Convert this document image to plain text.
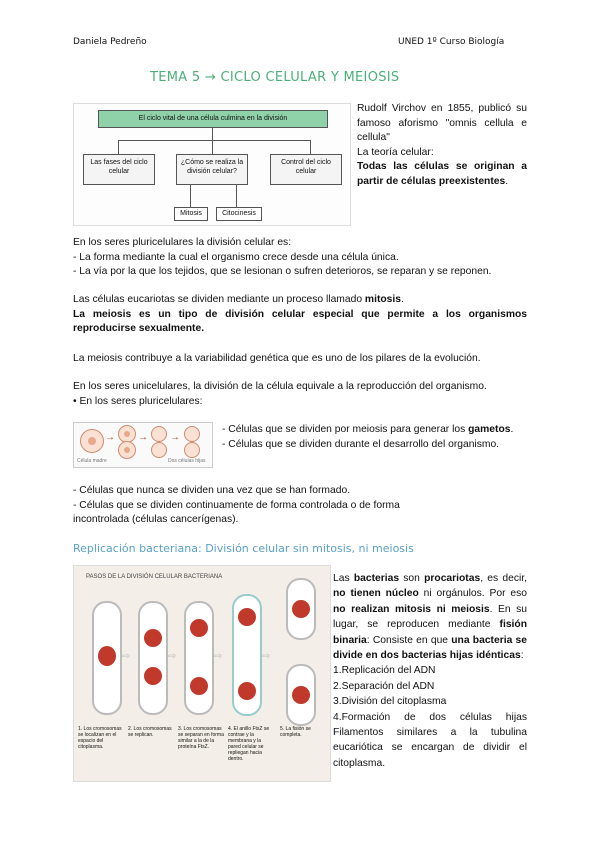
Daniela Pedreño	UNED 1º Curso Biología
TEMA 5 → CICLO CELULAR Y MEIOSIS
El ciclo vital de una célula culmina en la división
Las fases del ciclo celular
¿Cómo se realiza la división celular?
Control del ciclo celular
Mitosis	Citocinesis
Rudolf Virchov en 1855, publicó su famoso aforismo "omnis cellula e cellula"
La teoría celular:
Todas las células se originan a partir de células preexistentes.
En los seres pluricelulares la división celular es:
- La forma mediante la cual el organismo crece desde una célula única.
- La vía por la que los tejidos, que se lesionan o sufren deterioros, se reparan y se reponen.
Las células eucariotas se dividen mediante un proceso llamado mitosis.
La meiosis es un tipo de división celular especial que permite a los organismos reproducirse sexualmente.
La meiosis contribuye a la variabilidad genética que es uno de los pilares de la evolución.
En los seres unicelulares, la división de la célula equivale a la reproducción del organismo.
• En los seres pluricelulares:
→ → →
Célula madre	Dos células hijas
- Células que se dividen por meiosis para generar los gametos.
- Células que se dividen durante el desarrollo del organismo.
- Células que nunca se dividen una vez que se han formado.
- Células que se dividen continuamente de forma controlada o de forma incontrolada (células cancerígenas).
Replicación bacteriana: División celular sin mitosis, ni meiosis
PASOS DE LA DIVISIÓN CELULAR BACTERIANA
⇨	⇨	⇨	⇨
1. Los cromosomas se localizan en el espacio del citoplasma.
2. Los cromosomas se replican.
3. Los cromosomas se separan en forma similar a la de la proteína FtsZ.
4. El anillo FtsZ se contrae y la membrana y la pared celular se repliegan hacia dentro.
5. La fisión se completa.
Las bacterias son procariotas, es decir, no tienen núcleo ni orgánulos. Por eso no realizan mitosis ni meiosis. En su lugar, se reproducen mediante fisión binaria: Consiste en que una bacteria se divide en dos bacterias hijas idénticas:
1.Replicación del ADN
2.Separación del ADN
3.División del citoplasma
4.Formación de dos células hijas Filamentos similares a la tubulina eucariótica se encargan de dividir el citoplasma.
